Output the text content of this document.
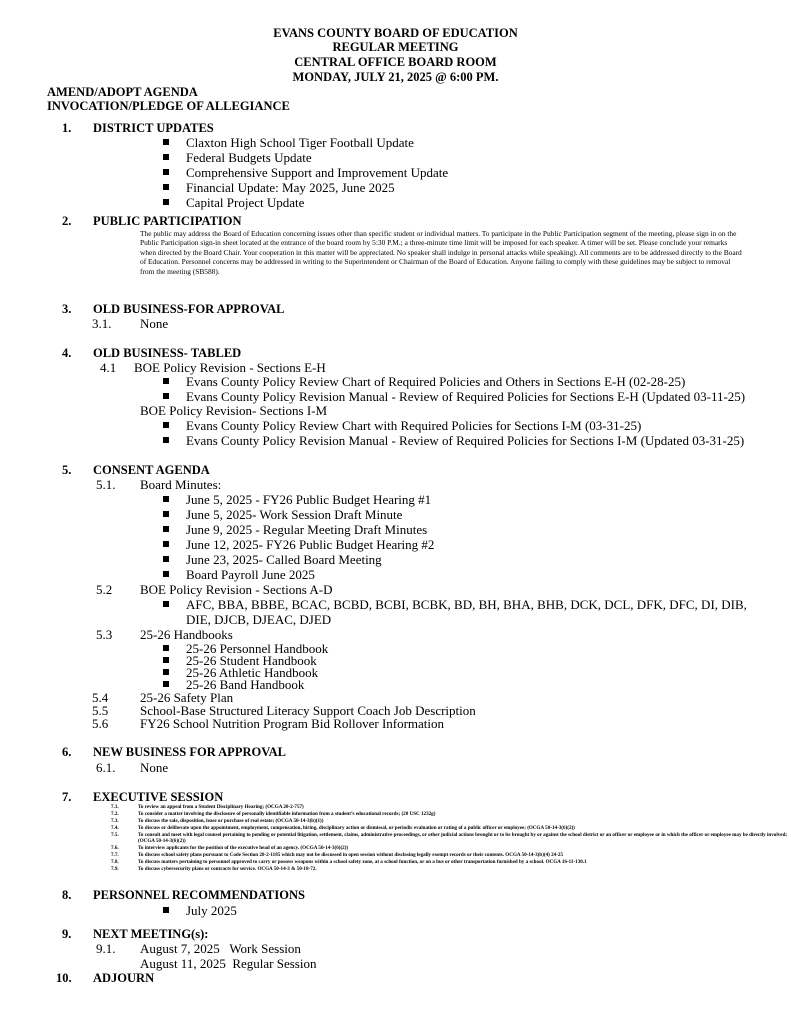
EVANS COUNTY BOARD OF EDUCATION
REGULAR MEETING
CENTRAL OFFICE BOARD ROOM
MONDAY, JULY 21, 2025 @ 6:00 PM.
AMEND/ADOPT AGENDA
INVOCATION/PLEDGE OF ALLEGIANCE
1. DISTRICT UPDATES
Claxton High School Tiger Football Update
Federal Budgets Update
Comprehensive Support and Improvement Update
Financial Update: May 2025, June 2025
Capital Project Update
2. PUBLIC PARTICIPATION
The public may address the Board of Education concerning issues other than specific student or individual matters. To participate in the Public Participation segment of the meeting, please sign in on the Public Participation sign-in sheet located at the entrance of the board room by 5:30 P.M.; a three-minute time limit will be imposed for each speaker. A timer will be set. Please conclude your remarks when directed by the Board Chair. Your cooperation in this matter will be appreciated. No speaker shall indulge in personal attacks while speaking). All comments are to be addressed directly to the Board of Education. Personnel concerns may be addressed in writing to the Superintendent or Chairman of the Board of Education. Anyone failing to comply with these guidelines may be subject to removal from the meeting (SB588).
3. OLD BUSINESS-FOR APPROVAL
3.1. None
4. OLD BUSINESS- TABLED
4.1 BOE Policy Revision - Sections E-H
Evans County Policy Review Chart of Required Policies and Others in Sections E-H (02-28-25)
Evans County Policy Revision Manual - Review of Required Policies for Sections E-H (Updated 03-11-25)
BOE Policy Revision- Sections I-M
Evans County Policy Review Chart with Required Policies for Sections I-M (03-31-25)
Evans County Policy Revision Manual - Review of Required Policies for Sections I-M (Updated 03-31-25)
5. CONSENT AGENDA
5.1. Board Minutes:
June 5, 2025 - FY26 Public Budget Hearing #1
June 5, 2025- Work Session Draft Minute
June 9, 2025 - Regular Meeting Draft Minutes
June 12, 2025- FY26 Public Budget Hearing #2
June 23, 2025- Called Board Meeting
Board Payroll June 2025
5.2 BOE Policy Revision - Sections A-D
AFC, BBA, BBBE, BCAC, BCBD, BCBI, BCBK, BD, BH, BHA, BHB, DCK, DCL, DFK, DFC, DI, DIB,
DIE, DJCB, DJEAC, DJED
5.3 25-26 Handbooks
25-26 Personnel Handbook
25-26 Student Handbook
25-26 Athletic Handbook
25-26 Band Handbook
5.4 25-26 Safety Plan
5.5 School-Base Structured Literacy Support Coach Job Description
5.6 FY26 School Nutrition Program Bid Rollover Information
6. NEW BUSINESS FOR APPROVAL
6.1. None
7. EXECUTIVE SESSION
7.1.	To review an appeal from a Student Disciplinary Hearing; (OCGA 20-2-757)
7.2.	To consider a matter involving the disclosure of personally identifiable information from a student’s educational records; (20 USC 1232g)
7.3.	To discuss the sale, disposition, lease or purchase of real estate; (OCGA 50-14-3(b)(1))
7.4.	To discuss or deliberate upon the appointment, employment, compensation, hiring, disciplinary action or dismissal, or periodic evaluation or rating of a public officer or employee; (OCGA 50-14-3(6)(2))
7.5.	To consult and meet with legal counsel pertaining to pending or potential litigation, settlement, claims, administrative proceedings, or other judicial actions brought or to be brought by or against the school district or an officer or employee or in which the officer or employee may be directly involved; (OCGA 50-14-3(6)(2))
7.6.	To interview applicants for the position of the executive head of an agency. (OCGA 50-14-3(6)(2))
7.7.	To discuss school safety plans pursuant to Code Section 20-2-1185 which may not be discussed in open session without disclosing legally exempt records or their contents. OCGA 50-14-3(b)(4) 24-25
7.8.	To discuss matters pertaining to personnel approved to carry or possess weapons within a school safety zone, at a school function, or on a bus or other transportation furnished by a school. OCGA 16-11-130.1
7.9.	To discuss cybersecurity plans or contracts for service. OCGA 50-14-3 & 50-18-72.
8. PERSONNEL RECOMMENDATIONS
July 2025
9. NEXT MEETING(s):
9.1. August 7, 2025   Work Session
August 11, 2025  Regular Session
10. ADJOURN
